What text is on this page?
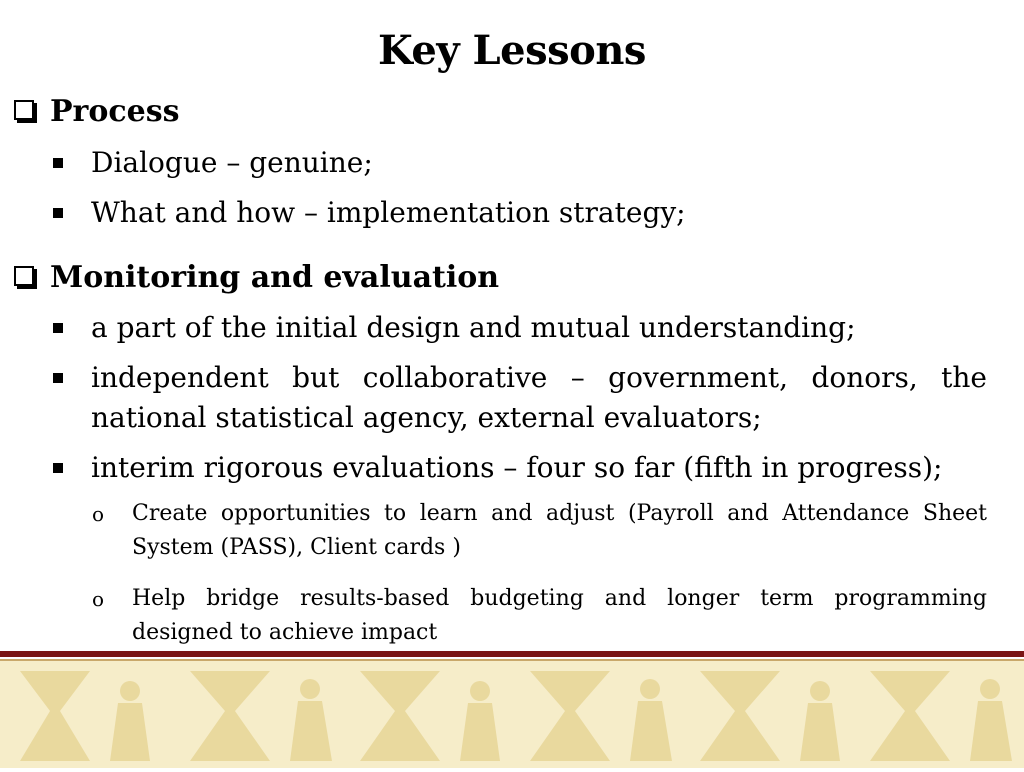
Key Lessons
Process
Dialogue – genuine;
What and how – implementation strategy;
Monitoring and evaluation
a part of the initial design and mutual understanding;
independent but collaborative – government, donors, the national statistical agency, external evaluators;
interim rigorous evaluations – four so far (fifth in progress);
o Create opportunities to learn and adjust (Payroll and Attendance Sheet System (PASS), Client cards )
o Help bridge results-based budgeting and longer term programming designed to achieve impact
